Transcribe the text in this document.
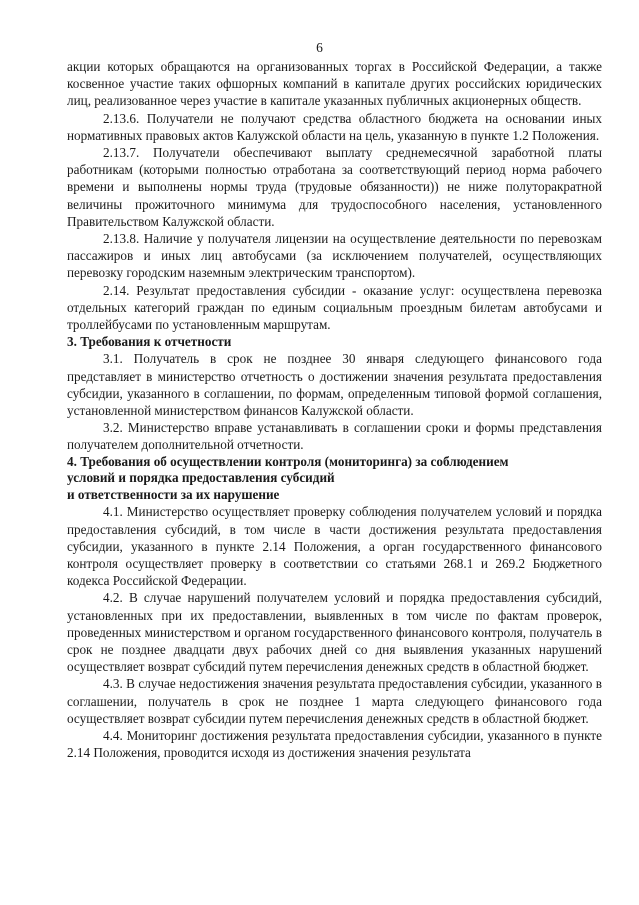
6

акции которых обращаются на организованных торгах в Российской Федерации, а также косвенное участие таких офшорных компаний в капитале других российских юридических лиц, реализованное через участие в капитале указанных публичных акционерных обществ.

2.13.6. Получатели не получают средства областного бюджета на основании иных нормативных правовых актов Калужской области на цель, указанную в пункте 1.2 Положения.

2.13.7. Получатели обеспечивают выплату среднемесячной заработной платы работникам (которыми полностью отработана за соответствующий период норма рабочего времени и выполнены нормы труда (трудовые обязанности)) не ниже полуторакратной величины прожиточного минимума для трудоспособного населения, установленного Правительством Калужской области.

2.13.8. Наличие у получателя лицензии на осуществление деятельности по перевозкам пассажиров и иных лиц автобусами (за исключением получателей, осуществляющих перевозку городским наземным электрическим транспортом).

2.14. Результат предоставления субсидии - оказание услуг: осуществлена перевозка отдельных категорий граждан по единым социальным проездным билетам автобусами и троллейбусами по установленным маршрутам.

3. Требования к отчетности

3.1. Получатель в срок не позднее 30 января следующего финансового года представляет в министерство отчетность о достижении значения результата предоставления субсидии, указанного в соглашении, по формам, определенным типовой формой соглашения, установленной министерством финансов Калужской области.

3.2. Министерство вправе устанавливать в соглашении сроки и формы представления получателем дополнительной отчетности.

4. Требования об осуществлении контроля (мониторинга) за соблюдением
условий и порядка предоставления субсидий
и ответственности за их нарушение

4.1. Министерство осуществляет проверку соблюдения получателем условий и порядка предоставления субсидий, в том числе в части достижения результата предоставления субсидии, указанного в пункте 2.14 Положения, а орган государственного финансового контроля осуществляет проверку в соответствии со статьями 268.1 и 269.2 Бюджетного кодекса Российской Федерации.

4.2. В случае нарушений получателем условий и порядка предоставления субсидий, установленных при их предоставлении, выявленных в том числе по фактам проверок, проведенных министерством и органом государственного финансового контроля, получатель в срок не позднее двадцати двух рабочих дней со дня выявления указанных нарушений осуществляет возврат субсидий путем перечисления денежных средств в областной бюджет.

4.3. В случае недостижения значения результата предоставления субсидии, указанного в соглашении, получатель в срок не позднее 1 марта следующего финансового года осуществляет возврат субсидии путем перечисления денежных средств в областной бюджет.

4.4. Мониторинг достижения результата предоставления субсидии, указанного в пункте 2.14 Положения, проводится исходя из достижения значения результата
